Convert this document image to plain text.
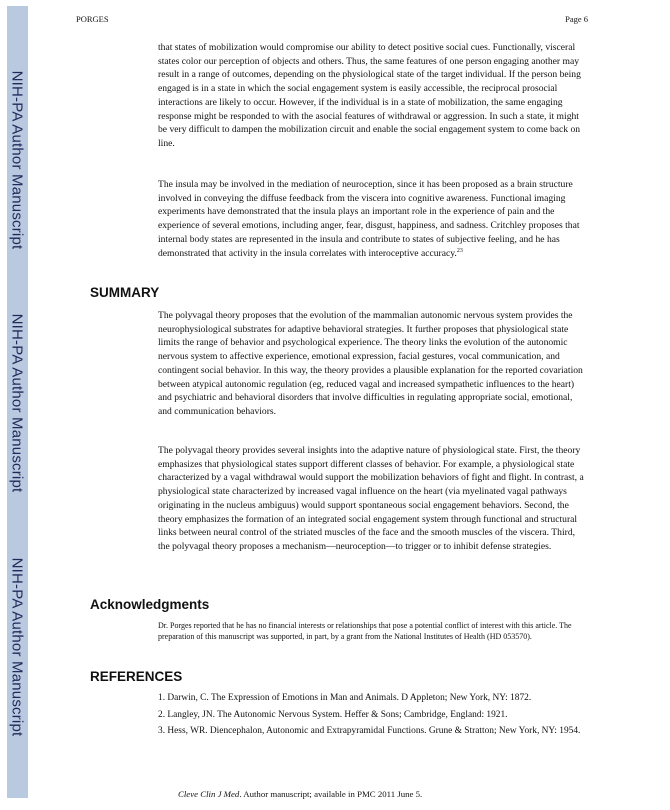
NIH-PA Author Manuscript
NIH-PA Author Manuscript
NIH-PA Author Manuscript
PORGES	Page 6

that states of mobilization would compromise our ability to detect positive social cues. Functionally, visceral states color our perception of objects and others. Thus, the same features of one person engaging another may result in a range of outcomes, depending on the physiological state of the target individual. If the person being engaged is in a state in which the social engagement system is easily accessible, the reciprocal prosocial interactions are likely to occur. However, if the individual is in a state of mobilization, the same engaging response might be responded to with the asocial features of withdrawal or aggression. In such a state, it might be very difficult to dampen the mobilization circuit and enable the social engagement system to come back on line.

The insula may be involved in the mediation of neuroception, since it has been proposed as a brain structure involved in conveying the diffuse feedback from the viscera into cognitive awareness. Functional imaging experiments have demonstrated that the insula plays an important role in the experience of pain and the experience of several emotions, including anger, fear, disgust, happiness, and sadness. Critchley proposes that internal body states are represented in the insula and contribute to states of subjective feeling, and he has demonstrated that activity in the insula correlates with interoceptive accuracy.$^{23}$

SUMMARY

The polyvagal theory proposes that the evolution of the mammalian autonomic nervous system provides the neurophysiological substrates for adaptive behavioral strategies. It further proposes that physiological state limits the range of behavior and psychological experience. The theory links the evolution of the autonomic nervous system to affective experience, emotional expression, facial gestures, vocal communication, and contingent social behavior. In this way, the theory provides a plausible explanation for the reported covariation between atypical autonomic regulation (eg, reduced vagal and increased sympathetic influences to the heart) and psychiatric and behavioral disorders that involve difficulties in regulating appropriate social, emotional, and communication behaviors.

The polyvagal theory provides several insights into the adaptive nature of physiological state. First, the theory emphasizes that physiological states support different classes of behavior. For example, a physiological state characterized by a vagal withdrawal would support the mobilization behaviors of fight and flight. In contrast, a physiological state characterized by increased vagal influence on the heart (via myelinated vagal pathways originating in the nucleus ambiguus) would support spontaneous social engagement behaviors. Second, the theory emphasizes the formation of an integrated social engagement system through functional and structural links between neural control of the striated muscles of the face and the smooth muscles of the viscera. Third, the polyvagal theory proposes a mechanism—neuroception—to trigger or to inhibit defense strategies.

Acknowledgments
Dr. Porges reported that he has no financial interests or relationships that pose a potential conflict of interest with this article. The preparation of this manuscript was supported, in part, by a grant from the National Institutes of Health (HD 053570).
REFERENCES
1. Darwin, C. The Expression of Emotions in Man and Animals. D Appleton; New York, NY: 1872.
2. Langley, JN. The Autonomic Nervous System. Heffer & Sons; Cambridge, England: 1921.
3. Hess, WR. Diencephalon, Autonomic and Extrapyramidal Functions. Grune & Stratton; New York, NY: 1954.
Cleve Clin J Med. Author manuscript; available in PMC 2011 June 5.
